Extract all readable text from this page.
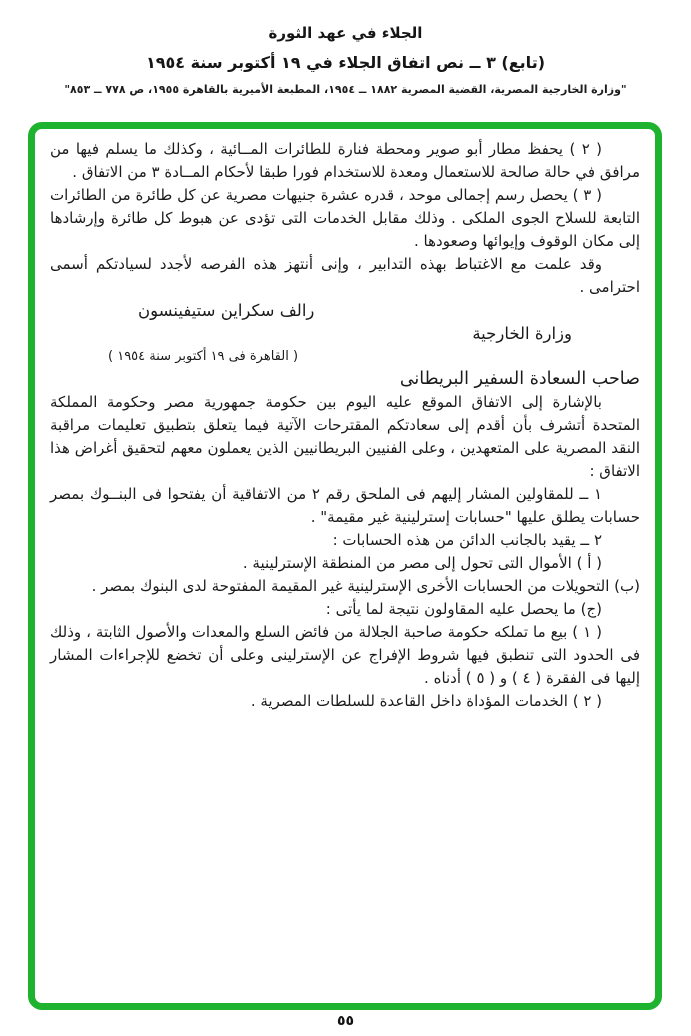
الجلاء في عهد الثورة
(تابع) ٣ ــ نص اتفاق الجلاء في ١٩ أكتوبر سنة ١٩٥٤
"وزارة الخارجية المصرية، القضية المصرية ١٨٨٢ ــ ١٩٥٤، المطبعة الأميرية بالقاهرة ١٩٥٥، ص ٧٧٨ ــ ٨٥٣"

( ٢ ) يحفظ مطار أبو صوير ومحطة فنارة للطائرات المــائية ، وكذلك ما يسلم فيها من مرافق في حالة صالحة للاستعمال ومعدة للاستخدام فورا طبقا لأحكام المــادة ٣ من الاتفاق .

( ٣ ) يحصل رسم إجمالى موحد ، قدره عشرة جنيهات مصرية عن كل طائرة من الطائرات التابعة للسلاح الجوى الملكى . وذلك مقابل الخدمات التى تؤدى عن هبوط كل طائرة وإرشادها إلى مكان الوقوف وإيوائها وصعودها .

وقد علمت مع الاغتباط بهذه التدابير ، وإنى أنتهز هذه الفرصه لأجدد لسيادتكم أسمى احترامى .

رالف سكراين ستيفينسون

وزارة الخارجية

( القاهرة فى ١٩ أكتوبر سنة ١٩٥٤ )

صاحب السعادة السفير البريطانى

بالإشارة إلى الاتفاق الموقع عليه اليوم بين حكومة جمهورية مصر وحكومة المملكة المتحدة أتشرف بأن أقدم إلى سعادتكم المقترحات الآتية فيما يتعلق بتطبيق تعليمات مراقبة النقد المصرية على المتعهدين ، وعلى الفنيين البريطانيين الذين يعملون معهم لتحقيق أغراض هذا الاتفاق :

١ ــ للمقاولين المشار إليهم فى الملحق رقم ٢ من الاتفاقية أن يفتحوا فى البنــوك بمصر حسابات يطلق عليها "حسابات إسترلينية غير مقيمة" .

٢ ــ يقيد بالجانب الدائن من هذه الحسابات :

( أ ) الأموال التى تحول إلى مصر من المنطقة الإسترلينية .

(ب) التحويلات من الحسابات الأخرى الإسترلينية غير المقيمة المفتوحة لدى البنوك بمصر .

(ج) ما يحصل عليه المقاولون نتيجة لما يأتى :

( ١ ) بيع ما تملكه حكومة صاحبة الجلالة من فائض السلع والمعدات والأصول الثابتة ، وذلك فى الحدود التى تنطبق فيها شروط الإفراج عن الإسترلينى وعلى أن تخضع للإجراءات المشار إليها فى الفقرة ( ٤ ) و ( ٥ ) أدناه .

( ٢ ) الخدمات المؤداة داخل القاعدة للسلطات المصرية .

٥٥
